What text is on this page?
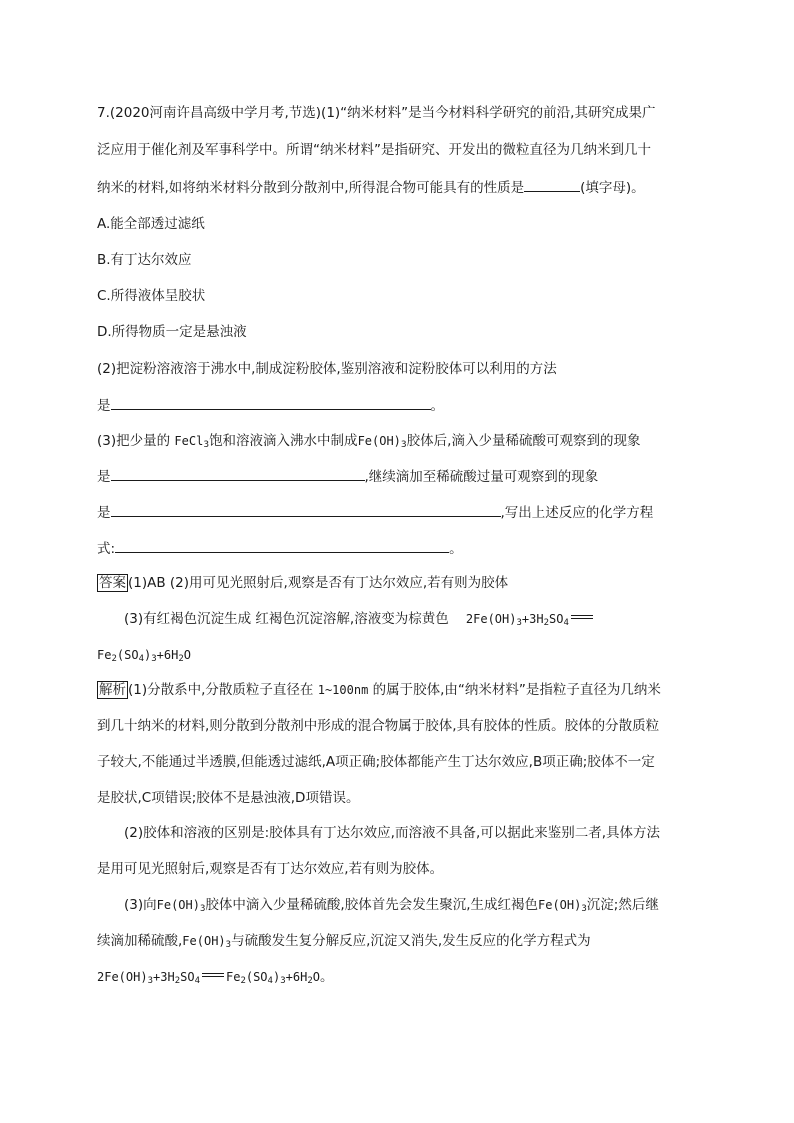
7.(2020河南许昌高级中学月考,节选)(1)“纳米材料”是当今材料科学研究的前沿,其研究成果广
泛应用于催化剂及军事科学中。所谓“纳米材料”是指研究、开发出的微粒直径为几纳米到几十
纳米的材料,如将纳米材料分散到分散剂中,所得混合物可能具有的性质是	(填字母)。
A.能全部透过滤纸
B.有丁达尔效应
C.所得液体呈胶状
D.所得物质一定是悬浊液
(2)把淀粉溶液溶于沸水中,制成淀粉胶体,鉴别溶液和淀粉胶体可以利用的方法
是	。
(3)把少量的 FeCl$_3$饱和溶液滴入沸水中制成$Fe(OH)_3$胶体后,滴入少量稀硫酸可观察到的现象
是	,继续滴加至稀硫酸过量可观察到的现象
是	,写出上述反应的化学方程
式:	。
答案 (1)AB (2)用可见光照射后,观察是否有丁达尔效应,若有则为胶体
(3)有红褐色沉淀生成 红褐色沉淀溶解,溶液变为棕黄色 $2Fe(OH)_3+3H_2SO_4$
$Fe_2(SO_4)_3+6H_2O$
解析 (1)分散系中,分散质粒子直径在 1~100nm 的属于胶体,由“纳米材料”是指粒子直径为几纳米
到几十纳米的材料,则分散到分散剂中形成的混合物属于胶体,具有胶体的性质。胶体的分散质粒
子较大,不能通过半透膜,但能透过滤纸,A项正确;胶体都能产生丁达尔效应,B项正确;胶体不一定
是胶状,C项错误;胶体不是悬浊液,D项错误。
(2)胶体和溶液的区别是:胶体具有丁达尔效应,而溶液不具备,可以据此来鉴别二者,具体方法
是用可见光照射后,观察是否有丁达尔效应,若有则为胶体。
(3)向$Fe(OH)_3$胶体中滴入少量稀硫酸,胶体首先会发生聚沉,生成红褐色$Fe(OH)_3$沉淀;然后继
续滴加稀硫酸$,Fe(OH)_3$与硫酸发生复分解反应,沉淀又消失,发生反应的化学方程式为
$2Fe(OH)_3+3H_2SO_4$ $Fe_2(SO_4)_3+6H_2O$。
